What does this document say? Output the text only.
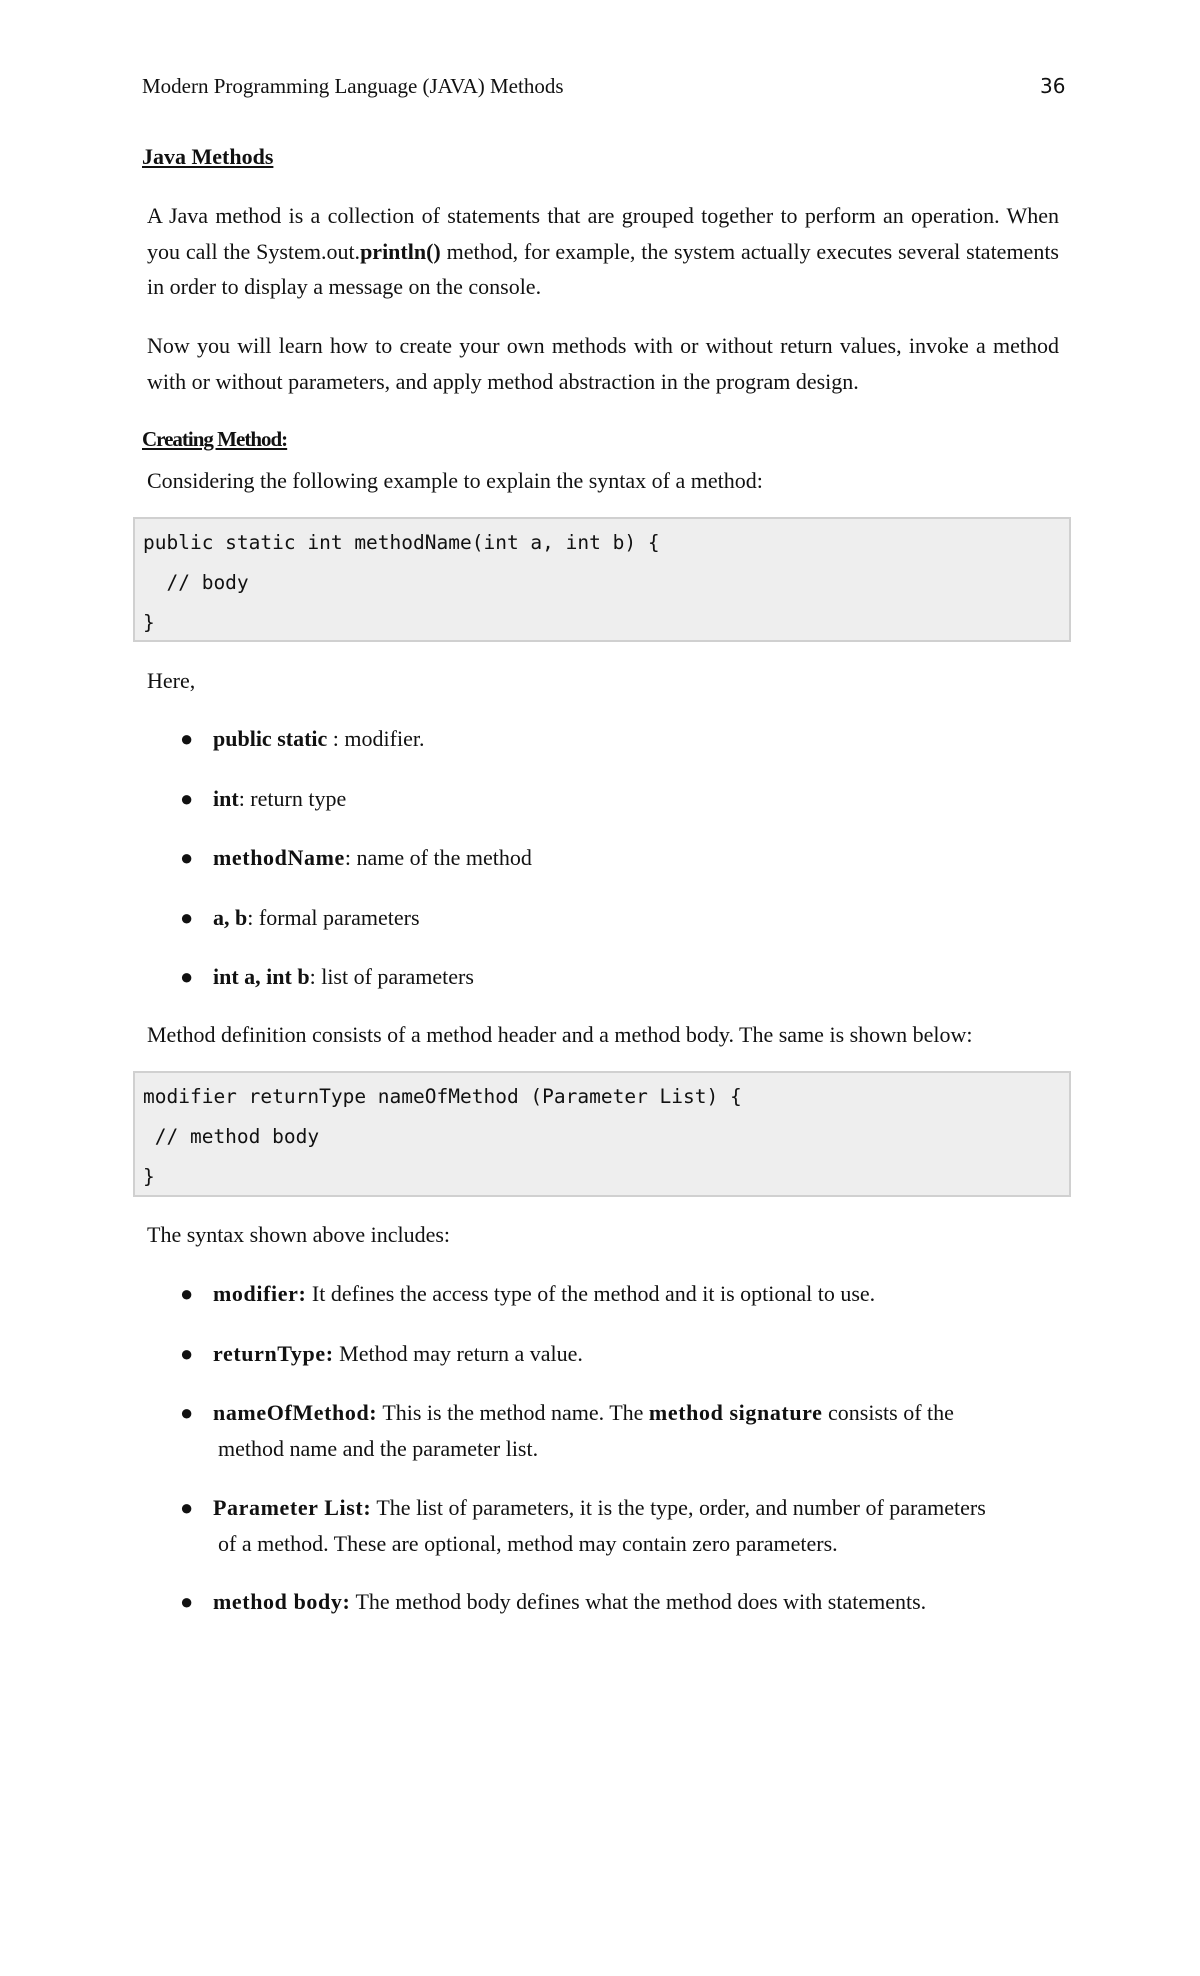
Modern Programming Language (JAVA) Methods	36
Java Methods

A Java method is a collection of statements that are grouped together to perform an operation. When you call the System.out.println() method, for example, the system actually executes several statements in order to display a message on the console.

Now you will learn how to create your own methods with or without return values, invoke a method with or without parameters, and apply method abstraction in the program design.

Creating Method:
Considering the following example to explain the syntax of a method:
public static int methodName(int a, int b) {
// body
}
Here,
● public static : modifier.
● int: return type
● methodName: name of the method
● a, b: formal parameters
● int a, int b: list of parameters
Method definition consists of a method header and a method body. The same is shown below:
modifier returnType nameOfMethod (Parameter List) {
// method body
}
The syntax shown above includes:
● modifier: It defines the access type of the method and it is optional to use.
● returnType: Method may return a value.
● nameOfMethod: This is the method name. The method signature consists of the
method name and the parameter list.
● Parameter List: The list of parameters, it is the type, order, and number of parameters
of a method. These are optional, method may contain zero parameters.
● method body: The method body defines what the method does with statements.
